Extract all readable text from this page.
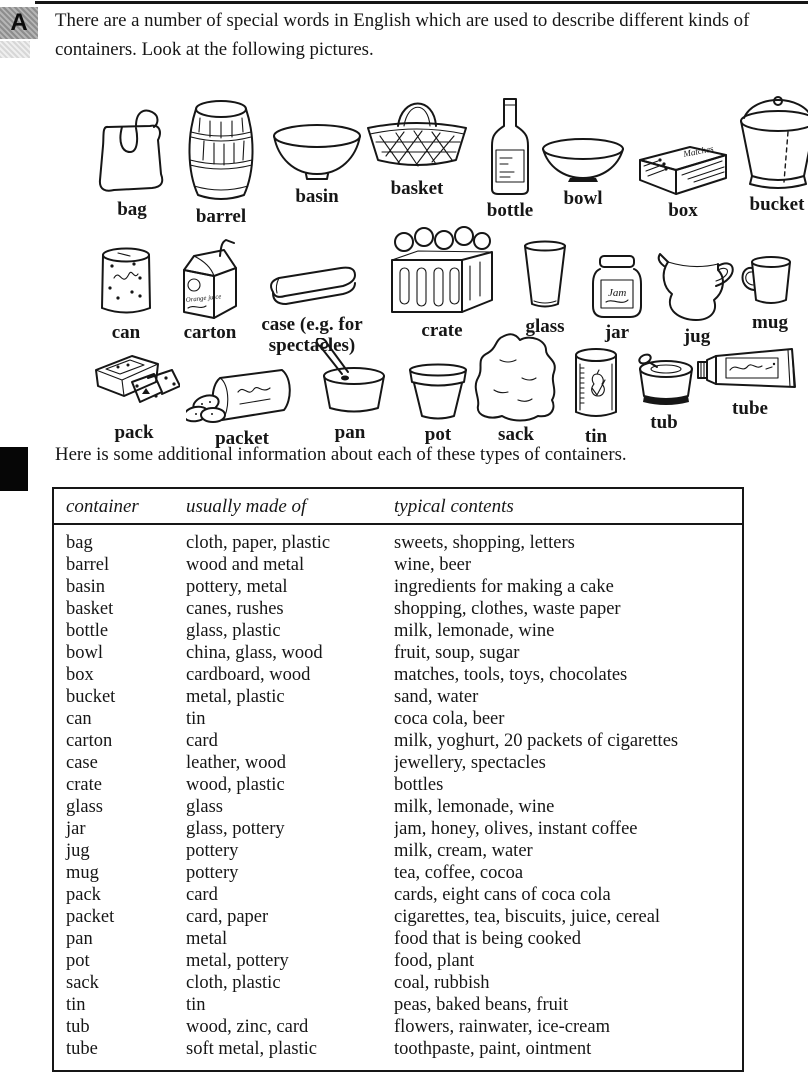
A There are a number of special words in English which are used to describe different kinds of containers. Look at the following pictures.

bag	barrel
basin	basket
bottle
bowl
Matches
box	bucket
can
Orange juice
carton	case (e.g. for spectacles)
crate	glass
Jam
jar	jug
mug
pack	packet	pan	pot sack	tin
tub
tube

Here is some additional information about each of these types of containers.

container	usually made of	typical contents
bag	cloth, paper, plastic	sweets, shopping, letters
barrel	wood and metal	wine, beer
basin	pottery, metal	ingredients for making a cake
basket	canes, rushes	shopping, clothes, waste paper
bottle	glass, plastic	milk, lemonade, wine
bowl	china, glass, wood	fruit, soup, sugar
box	cardboard, wood	matches, tools, toys, chocolates
bucket	metal, plastic	sand, water
can	tin	coca cola, beer
carton	card	milk, yoghurt, 20 packets of cigarettes
case	leather, wood	jewellery, spectacles
crate	wood, plastic	bottles
glass	glass	milk, lemonade, wine
jar	glass, pottery	jam, honey, olives, instant coffee
jug	pottery	milk, cream, water
mug	pottery	tea, coffee, cocoa
pack	card	cards, eight cans of coca cola
packet	card, paper	cigarettes, tea, biscuits, juice, cereal
pan	metal	food that is being cooked
pot	metal, pottery	food, plant
sack	cloth, plastic	coal, rubbish
tin	tin	peas, baked beans, fruit
tub	wood, zinc, card	flowers, rainwater, ice-cream
tube	soft metal, plastic	toothpaste, paint, ointment
